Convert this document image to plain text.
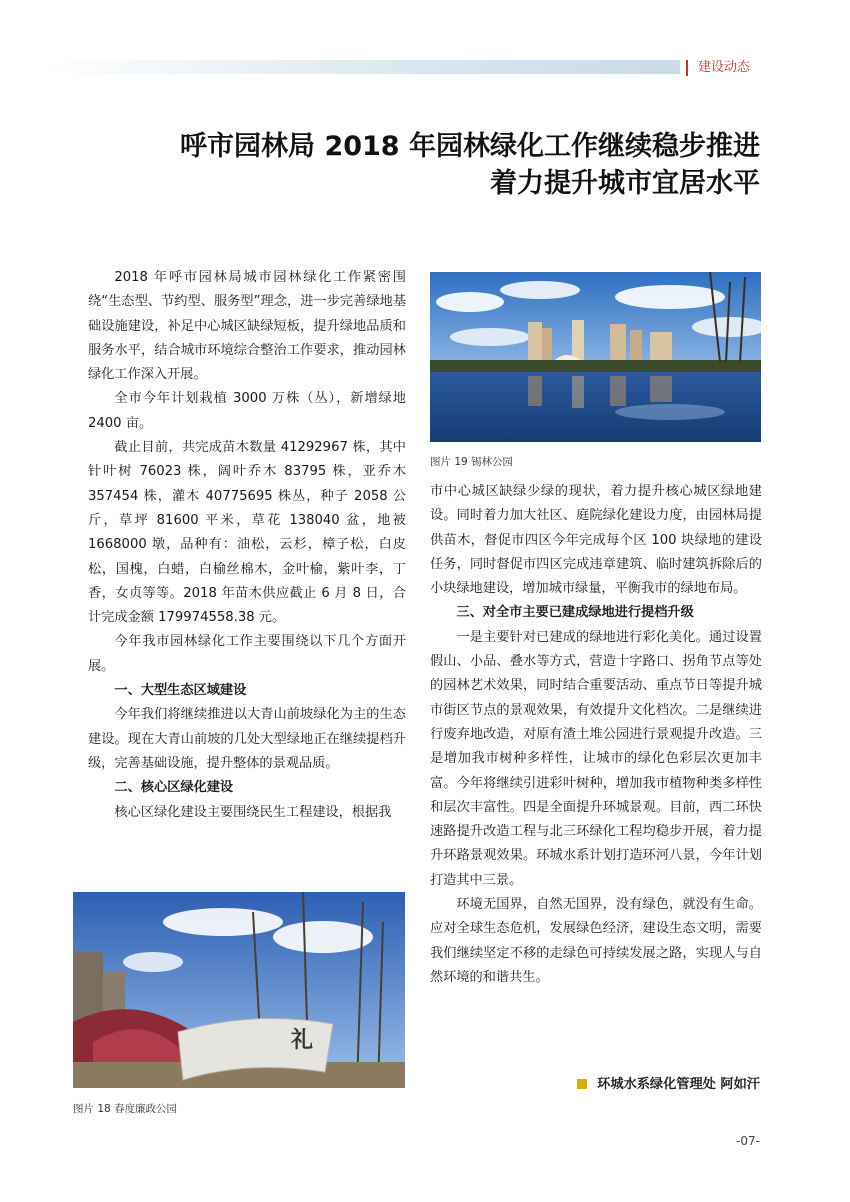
建设动态
呼市园林局 2018 年园林绿化工作继续稳步推进
着力提升城市宜居水平

2018 年呼市园林局城市园林绿化工作紧密围绕“生态型、节约型、服务型”理念，进一步完善绿地基础设施建设，补足中心城区缺绿短板，提升绿地品质和服务水平，结合城市环境综合整治工作要求，推动园林绿化工作深入开展。

全市今年计划栽植 3000 万株（丛），新增绿地 2400 亩。

截止目前，共完成苗木数量 41292967 株，其中针叶树 76023 株，阔叶乔木 83795 株，亚乔木 357454 株，灌木 40775695 株丛，种子 2058 公斤，草坪 81600 平米，草花 138040 盆，地被 1668000 墩，品种有：油松，云杉，樟子松，白皮松，国槐，白蜡，白榆丝棉木，金叶榆，紫叶李，丁香，女贞等等。2018 年苗木供应截止 6 月 8 日，合计完成金额 179974558.38 元。

今年我市园林绿化工作主要围绕以下几个方面开展。

一、大型生态区域建设

今年我们将继续推进以大青山前坡绿化为主的生态建设。现在大青山前坡的几处大型绿地正在继续提档升级，完善基础设施，提升整体的景观品质。

二、核心区绿化建设

核心区绿化建设主要围绕民生工程建设，根据我

图片 19 锡林公园

市中心城区缺绿少绿的现状，着力提升核心城区绿地建设。同时着力加大社区、庭院绿化建设力度，由园林局提供苗木，督促市四区今年完成每个区 100 块绿地的建设任务，同时督促市四区完成违章建筑、临时建筑拆除后的小块绿地建设，增加城市绿量，平衡我市的绿地布局。

三、对全市主要已建成绿地进行提档升级

一是主要针对已建成的绿地进行彩化美化。通过设置假山、小品、叠水等方式，营造十字路口、拐角节点等处的园林艺术效果，同时结合重要活动、重点节日等提升城市街区节点的景观效果，有效提升文化档次。二是继续进行废弃地改造，对原有渣土堆公园进行景观提升改造。三是增加我市树种多样性，让城市的绿化色彩层次更加丰富。今年将继续引进彩叶树种，增加我市植物种类多样性和层次丰富性。四是全面提升环城景观。目前，西二环快速路提升改造工程与北三环绿化工程均稳步开展，着力提升环路景观效果。环城水系计划打造环河八景，今年计划打造其中三景。

环境无国界，自然无国界，没有绿色，就没有生命。应对全球生态危机，发展绿色经济，建设生态文明，需要我们继续坚定不移的走绿色可持续发展之路，实现人与自然环境的和谐共生。

环城水系绿化管理处 阿如汗
礼
图片 18 春度廉政公园
-07-
